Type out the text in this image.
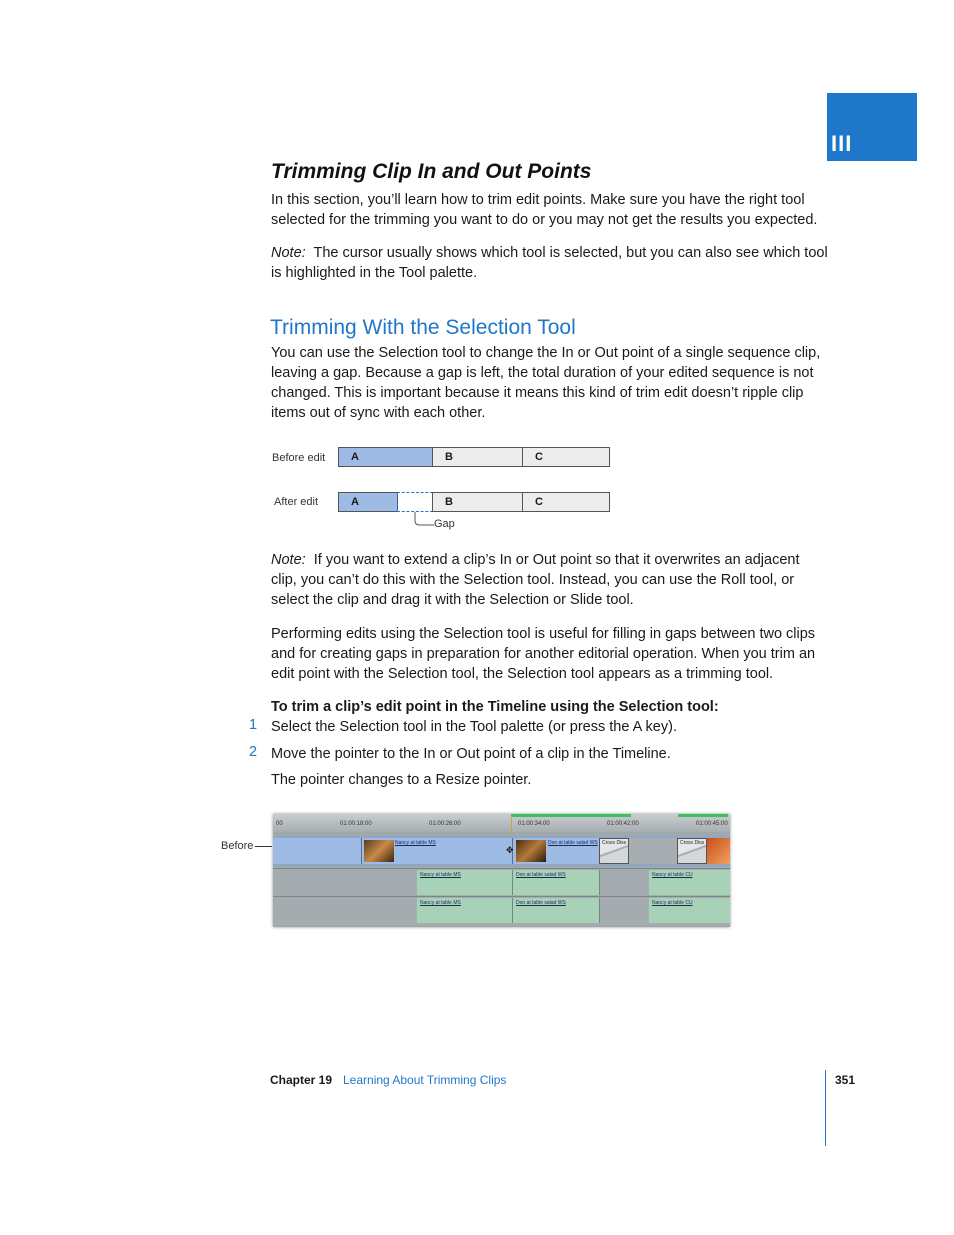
III
Trimming Clip In and Out Points
In this section, you’ll learn how to trim edit points. Make sure you have the right tool selected for the trimming you want to do or you may not get the results you expected.
Note: The cursor usually shows which tool is selected, but you can also see which tool is highlighted in the Tool palette.
Trimming With the Selection Tool
You can use the Selection tool to change the In or Out point of a single sequence clip, leaving a gap. Because a gap is left, the total duration of your edited sequence is not changed. This is important because it means this kind of trim edit doesn’t ripple clip items out of sync with each other.
Before edit	A	B	C
After edit	A	B	C
Gap
Note: If you want to extend a clip’s In or Out point so that it overwrites an adjacent clip, you can’t do this with the Selection tool. Instead, you can use the Roll tool, or select the clip and drag it with the Selection or Slide tool.
Performing edits using the Selection tool is useful for filling in gaps between two clips and for creating gaps in preparation for another editorial operation. When you trim an edit point with the Selection tool, the Selection tool appears as a trimming tool.
To trim a clip’s edit point in the Timeline using the Selection tool:
1 Select the Selection tool in the Tool palette (or press the A key).
2 Move the pointer to the In or Out point of a clip in the Timeline.
The pointer changes to a Resize pointer.
Before
00	01:00:18:00	01:00:26:00	01:00:34:00	01:00:42:00	01:00:45:00
Nancy at table MS	Don at table salad WS Cross Diss	Cross Diss
✥
Nancy at table MS	Don at table salad WS	Nancy at table CU
Nancy at table MS	Don at table salad WS	Nancy at table CU
Chapter 19 Learning About Trimming Clips	351
